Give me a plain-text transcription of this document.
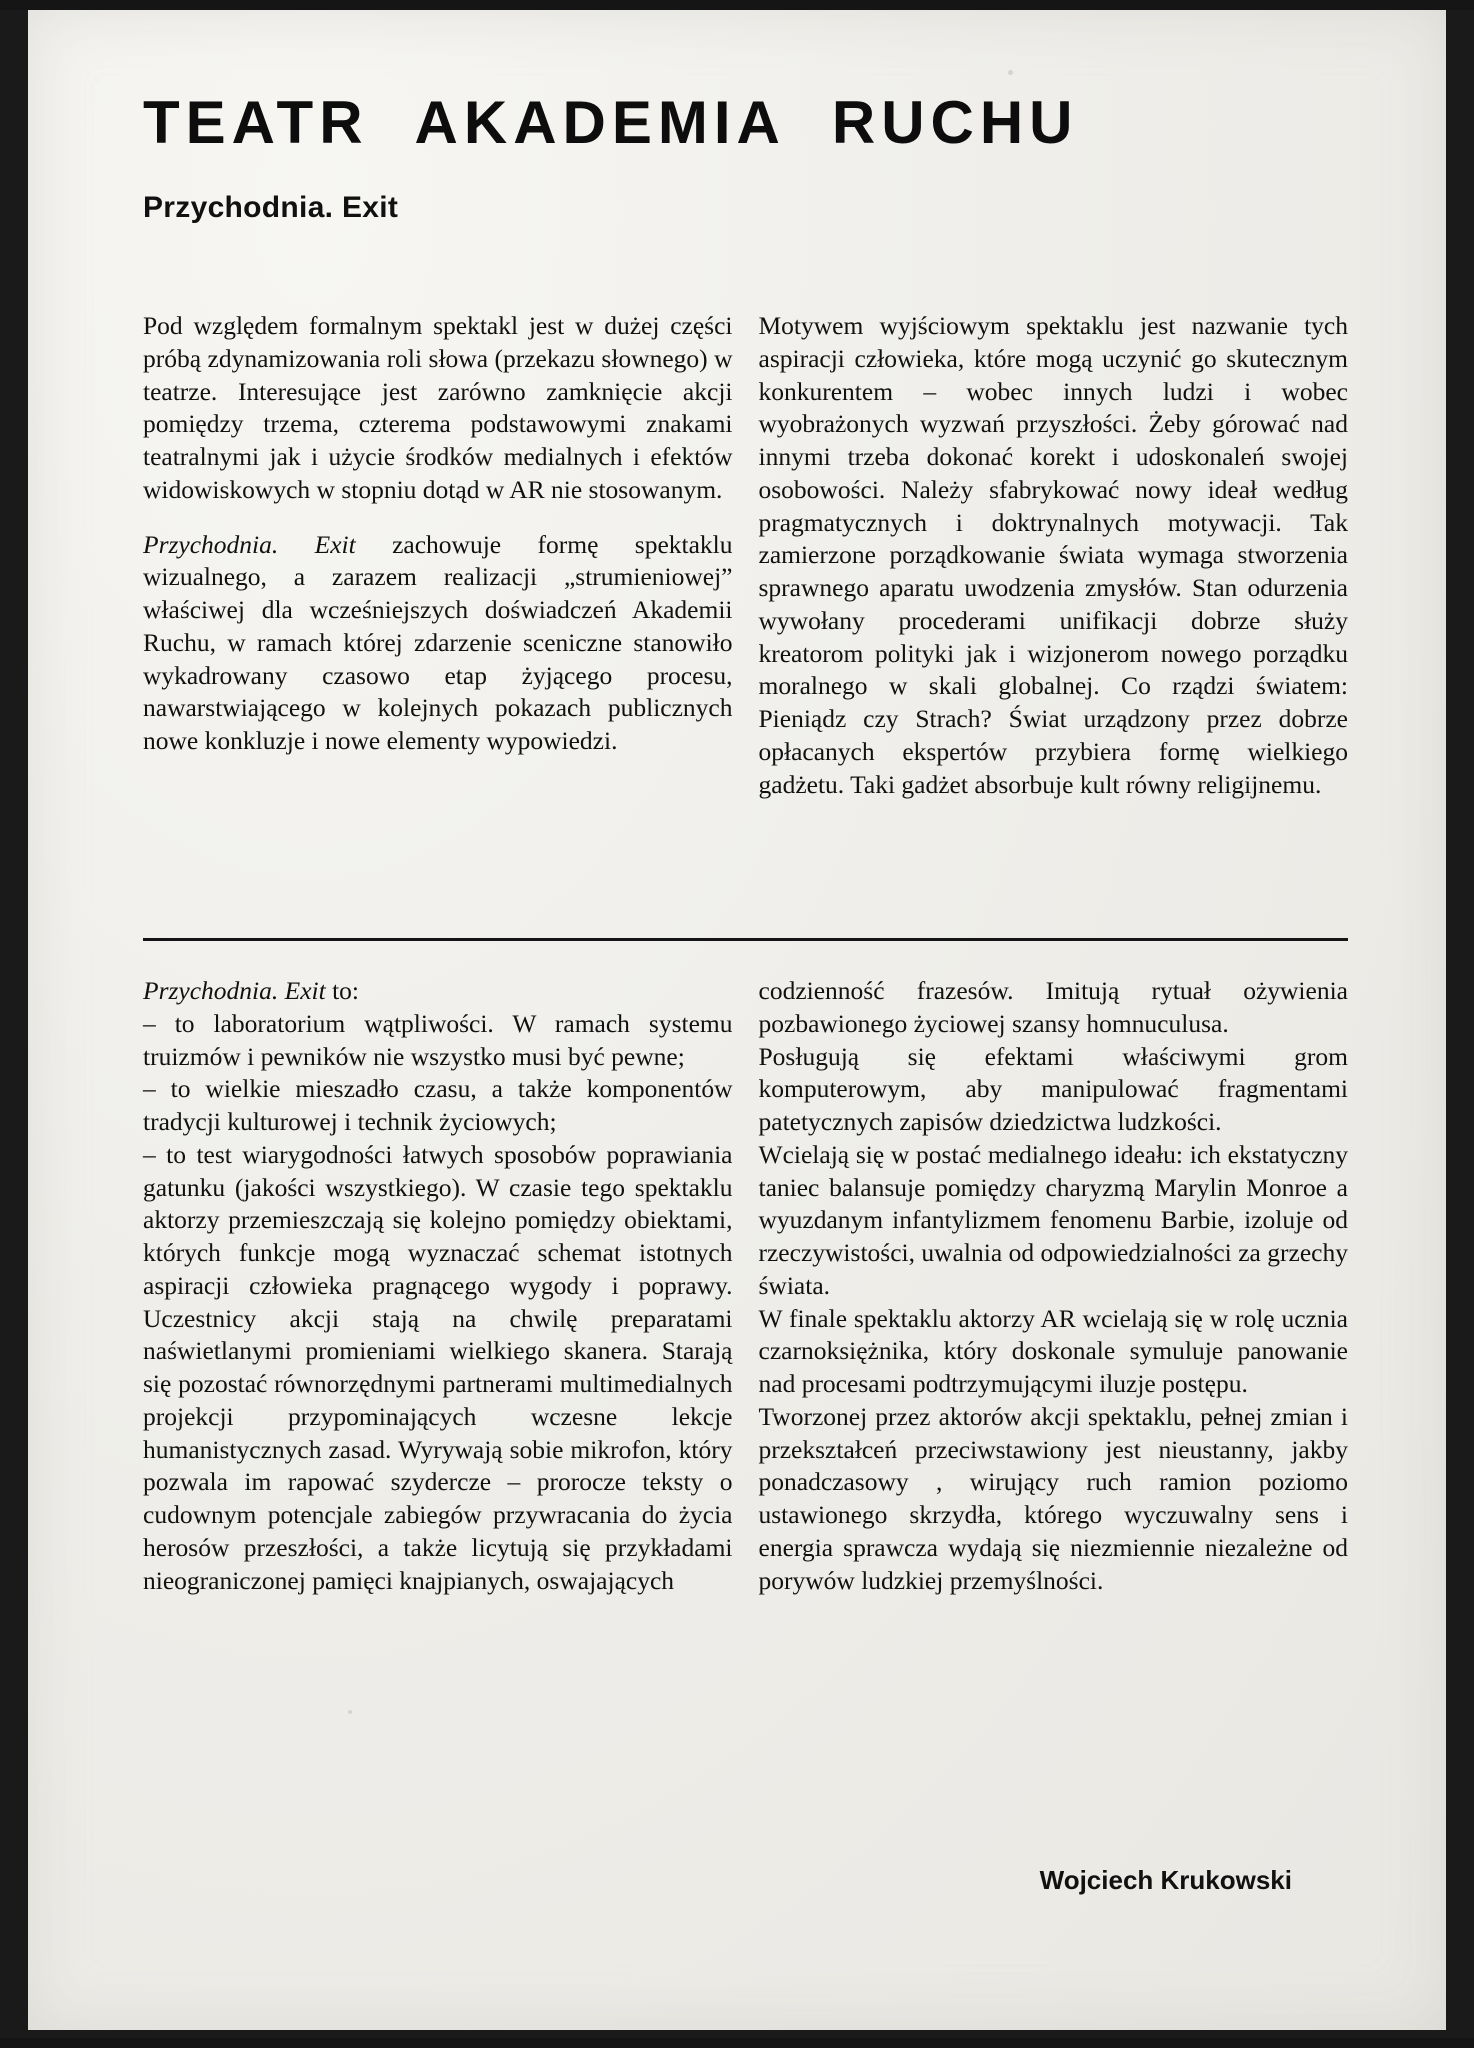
TEATR AKADEMIA RUCHU
Przychodnia. Exit

Pod względem formalnym spektakl jest w dużej części próbą zdynamizowania roli słowa (przekazu słownego) w teatrze. Interesujące jest zarówno zamknięcie akcji pomiędzy trzema, czterema podstawowymi znakami teatralnymi jak i użycie środków medialnych i efektów widowiskowych w stopniu dotąd w AR nie stosowanym.

Przychodnia. Exit zachowuje formę spektaklu wizualnego, a zarazem realizacji „strumieniowej” właściwej dla wcześniejszych doświadczeń Akademii Ruchu, w ramach której zdarzenie sceniczne stanowiło wykadrowany czasowo etap żyjącego procesu, nawarstwiającego w kolejnych pokazach publicznych nowe konkluzje i nowe elementy wypowiedzi.

Motywem wyjściowym spektaklu jest nazwanie tych aspiracji człowieka, które mogą uczynić go skutecznym konkurentem – wobec innych ludzi i wobec wyobrażonych wyzwań przyszłości. Żeby górować nad innymi trzeba dokonać korekt i udoskonaleń swojej osobowości. Należy sfabrykować nowy ideał według pragmatycznych i doktrynalnych motywacji. Tak zamierzone porządkowanie świata wymaga stworzenia sprawnego aparatu uwodzenia zmysłów. Stan odurzenia wywołany procederami unifikacji dobrze służy kreatorom polityki jak i wizjonerom nowego porządku moralnego w skali globalnej. Co rządzi światem: Pieniądz czy Strach? Świat urządzony przez dobrze opłacanych ekspertów przybiera formę wielkiego gadżetu. Taki gadżet absorbuje kult równy religijnemu.

Przychodnia. Exit to:

– to laboratorium wątpliwości. W ramach systemu truizmów i pewników nie wszystko musi być pewne;

– to wielkie mieszadło czasu, a także komponentów tradycji kulturowej i technik życiowych;

– to test wiarygodności łatwych sposobów poprawiania gatunku (jakości wszystkiego). W czasie tego spektaklu aktorzy przemieszczają się kolejno pomiędzy obiektami, których funkcje mogą wyznaczać schemat istotnych aspiracji człowieka pragnącego wygody i poprawy. Uczestnicy akcji stają na chwilę preparatami naświetlanymi promieniami wielkiego skanera. Starają się pozostać równorzędnymi partnerami multimedialnych projekcji przypominających wczesne lekcje humanistycznych zasad. Wyrywają sobie mikrofon, który pozwala im rapować szydercze – prorocze teksty o cudownym potencjale zabiegów przywracania do życia herosów przeszłości, a także licytują się przykładami nieograniczonej pamięci knajpianych, oswajających

codzienność frazesów. Imitują rytuał ożywienia pozbawionego życiowej szansy homnuculusa.

Posługują się efektami właściwymi grom komputerowym, aby manipulować fragmentami patetycznych zapisów dziedzictwa ludzkości.

Wcielają się w postać medialnego ideału: ich ekstatyczny taniec balansuje pomiędzy charyzmą Marylin Monroe a wyuzdanym infantylizmem fenomenu Barbie, izoluje od rzeczywistości, uwalnia od odpowiedzialności za grzechy świata.

W finale spektaklu aktorzy AR wcielają się w rolę ucznia czarnoksiężnika, który doskonale symuluje panowanie nad procesami podtrzymującymi iluzje postępu.

Tworzonej przez aktorów akcji spektaklu, pełnej zmian i przekształceń przeciwstawiony jest nieustanny, jakby ponadczasowy , wirujący ruch ramion poziomo ustawionego skrzydła, którego wyczuwalny sens i energia sprawcza wydają się niezmiennie niezależne od porywów ludzkiej przemyślności.

Wojciech Krukowski
